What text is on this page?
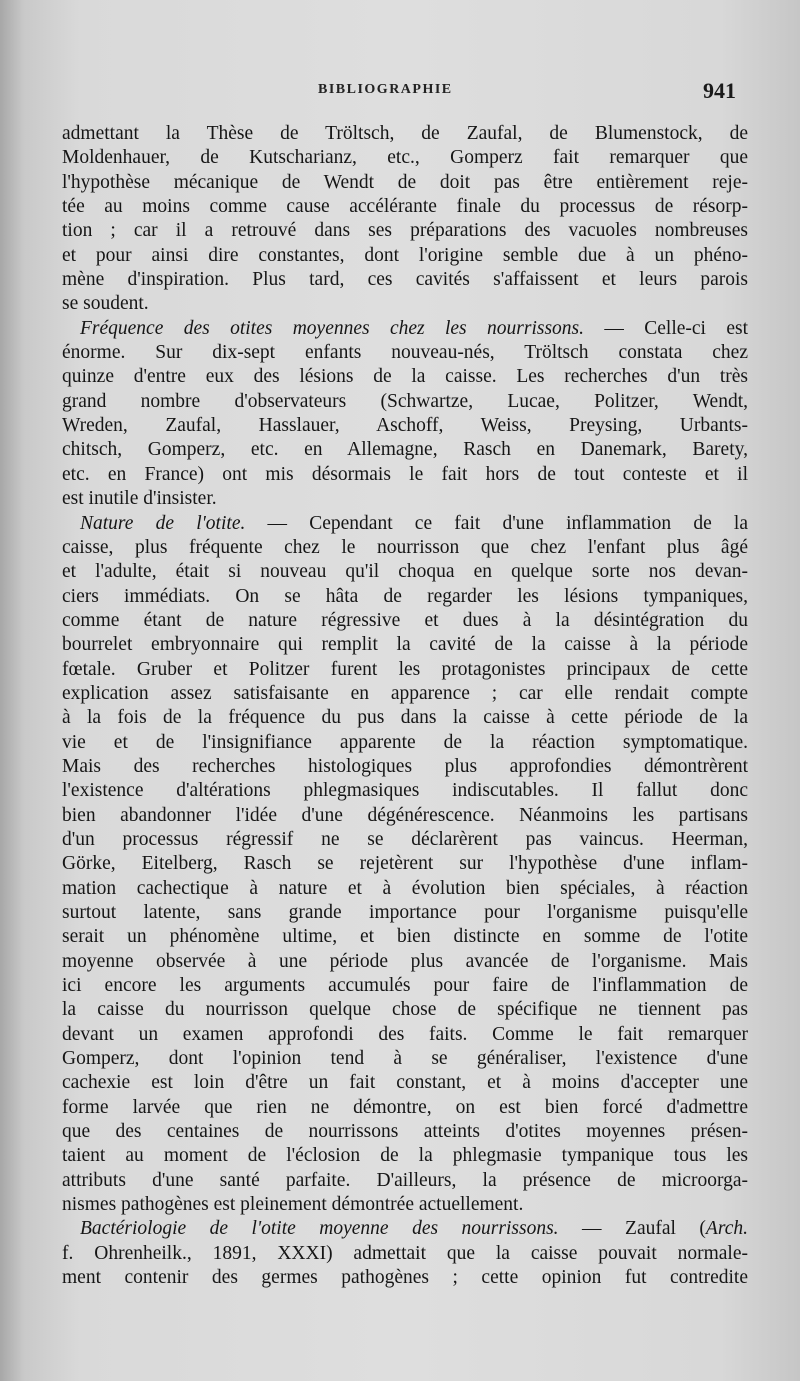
BIBLIOGRAPHIE	941
admettant la Thèse de Tröltsch, de Zaufal, de Blumenstock, de
Moldenhauer, de Kutscharianz, etc., Gomperz fait remarquer que
l'hypothèse mécanique de Wendt de doit pas être entièrement reje-
tée au moins comme cause accélérante finale du processus de résorp-
tion ; car il a retrouvé dans ses préparations des vacuoles nombreuses
et pour ainsi dire constantes, dont l'origine semble due à un phéno-
mène d'inspiration. Plus tard, ces cavités s'affaissent et leurs parois
se soudent.
Fréquence des otites moyennes chez les nourrissons. — Celle-ci est
énorme. Sur dix-sept enfants nouveau-nés, Tröltsch constata chez
quinze d'entre eux des lésions de la caisse. Les recherches d'un très
grand nombre d'observateurs (Schwartze, Lucae, Politzer, Wendt,
Wreden, Zaufal, Hasslauer, Aschoff, Weiss, Preysing, Urbants-
chitsch, Gomperz, etc. en Allemagne, Rasch en Danemark, Barety,
etc. en France) ont mis désormais le fait hors de tout conteste et il
est inutile d'insister.
Nature de l'otite. — Cependant ce fait d'une inflammation de la
caisse, plus fréquente chez le nourrisson que chez l'enfant plus âgé
et l'adulte, était si nouveau qu'il choqua en quelque sorte nos devan-
ciers immédiats. On se hâta de regarder les lésions tympaniques,
comme étant de nature régressive et dues à la désintégration du
bourrelet embryonnaire qui remplit la cavité de la caisse à la période
fœtale. Gruber et Politzer furent les protagonistes principaux de cette
explication assez satisfaisante en apparence ; car elle rendait compte
à la fois de la fréquence du pus dans la caisse à cette période de la
vie et de l'insignifiance apparente de la réaction symptomatique.
Mais des recherches histologiques plus approfondies démontrèrent
l'existence d'altérations phlegmasiques indiscutables. Il fallut donc
bien abandonner l'idée d'une dégénérescence. Néanmoins les partisans
d'un processus régressif ne se déclarèrent pas vaincus. Heerman,
Görke, Eitelberg, Rasch se rejetèrent sur l'hypothèse d'une inflam-
mation cachectique à nature et à évolution bien spéciales, à réaction
surtout latente, sans grande importance pour l'organisme puisqu'elle
serait un phénomène ultime, et bien distincte en somme de l'otite
moyenne observée à une période plus avancée de l'organisme. Mais
ici encore les arguments accumulés pour faire de l'inflammation de
la caisse du nourrisson quelque chose de spécifique ne tiennent pas
devant un examen approfondi des faits. Comme le fait remarquer
Gomperz, dont l'opinion tend à se généraliser, l'existence d'une
cachexie est loin d'être un fait constant, et à moins d'accepter une
forme larvée que rien ne démontre, on est bien forcé d'admettre
que des centaines de nourrissons atteints d'otites moyennes présen-
taient au moment de l'éclosion de la phlegmasie tympanique tous les
attributs d'une santé parfaite. D'ailleurs, la présence de microorga-
nismes pathogènes est pleinement démontrée actuellement.
Bactériologie de l'otite moyenne des nourrissons. — Zaufal (Arch.
f. Ohrenheilk., 1891, XXXI) admettait que la caisse pouvait normale-
ment contenir des germes pathogènes ; cette opinion fut contredite
